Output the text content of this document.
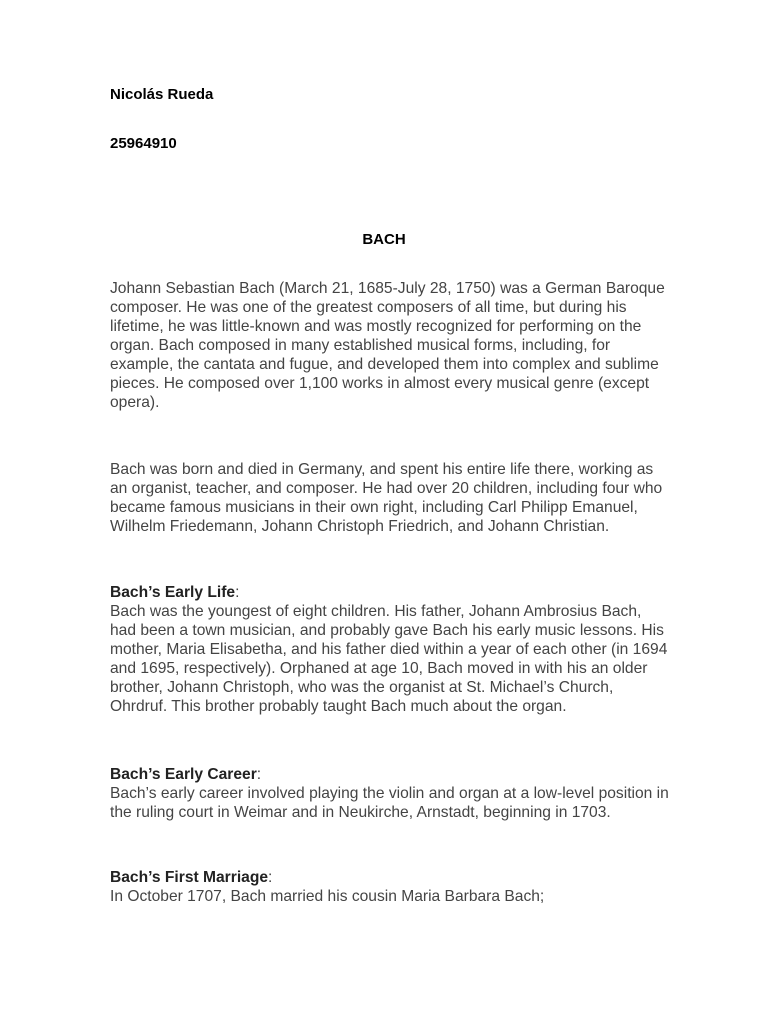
Nicolás Rueda

25964910

BACH

Johann Sebastian Bach (March 21, 1685-July 28, 1750) was a German Baroque composer. He was one of the greatest composers of all time, but during his lifetime, he was little-known and was mostly recognized for performing on the organ. Bach composed in many established musical forms, including, for example, the cantata and fugue, and developed them into complex and sublime pieces. He composed over 1,100 works in almost every musical genre (except opera).

Bach was born and died in Germany, and spent his entire life there, working as an organist, teacher, and composer. He had over 20 children, including four who became famous musicians in their own right, including Carl Philipp Emanuel, Wilhelm Friedemann, Johann Christoph Friedrich, and Johann Christian.

Bach’s Early Life:

Bach was the youngest of eight children. His father, Johann Ambrosius Bach, had been a town musician, and probably gave Bach his early music lessons. His mother, Maria Elisabetha, and his father died within a year of each other (in 1694 and 1695, respectively). Orphaned at age 10, Bach moved in with his an older brother, Johann Christoph, who was the organist at St. Michael’s Church, Ohrdruf. This brother probably taught Bach much about the organ.

Bach’s Early Career:

Bach’s early career involved playing the violin and organ at a low-level position in the ruling court in Weimar and in Neukirche, Arnstadt, beginning in 1703.

Bach’s First Marriage:

In October 1707, Bach married his cousin Maria Barbara Bach;
